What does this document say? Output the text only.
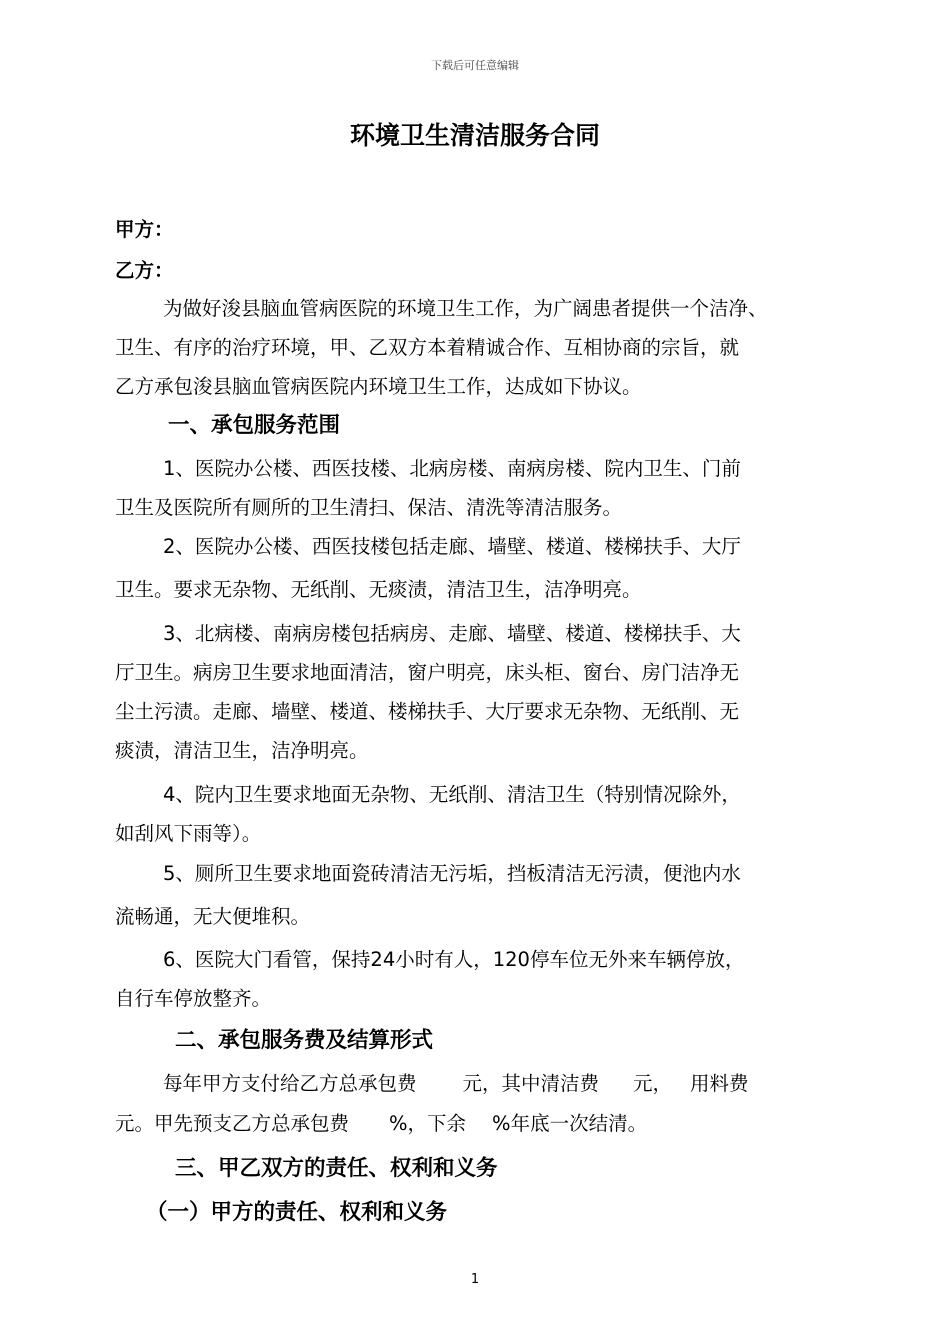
下载后可任意编辑
环境卫生清洁服务合同
甲方：
乙方：
为做好浚县脑血管病医院的环境卫生工作，为广阔患者提供一个洁净、
卫生、有序的治疗环境，甲、乙双方本着精诚合作、互相协商的宗旨，就
乙方承包浚县脑血管病医院内环境卫生工作，达成如下协议。
一、承包服务范围
1、医院办公楼、西医技楼、北病房楼、南病房楼、院内卫生、门前
卫生及医院所有厕所的卫生清扫、保洁、清洗等清洁服务。
2、医院办公楼、西医技楼包括走廊、墙壁、楼道、楼梯扶手、大厅
卫生。要求无杂物、无纸削、无痰渍，清洁卫生，洁净明亮。
3、北病楼、南病房楼包括病房、走廊、墙壁、楼道、楼梯扶手、大
厅卫生。病房卫生要求地面清洁，窗户明亮，床头柜、窗台、房门洁净无
尘土污渍。走廊、墙壁、楼道、楼梯扶手、大厅要求无杂物、无纸削、无
痰渍，清洁卫生，洁净明亮。
4、院内卫生要求地面无杂物、无纸削、清洁卫生（特别情况除外，
如刮风下雨等）。
5、厕所卫生要求地面瓷砖清洁无污垢，挡板清洁无污渍，便池内水
流畅通，无大便堆积。
6、医院大门看管，保持24小时有人，120停车位无外来车辆停放，
自行车停放整齐。
二、承包服务费及结算形式
每年甲方支付给乙方总承包费 元，其中清洁费 元， 用料费
元。甲先预支乙方总承包费 %，下余 %年底一次结清。
三、甲乙双方的责任、权利和义务
（一）甲方的责任、权利和义务
1
